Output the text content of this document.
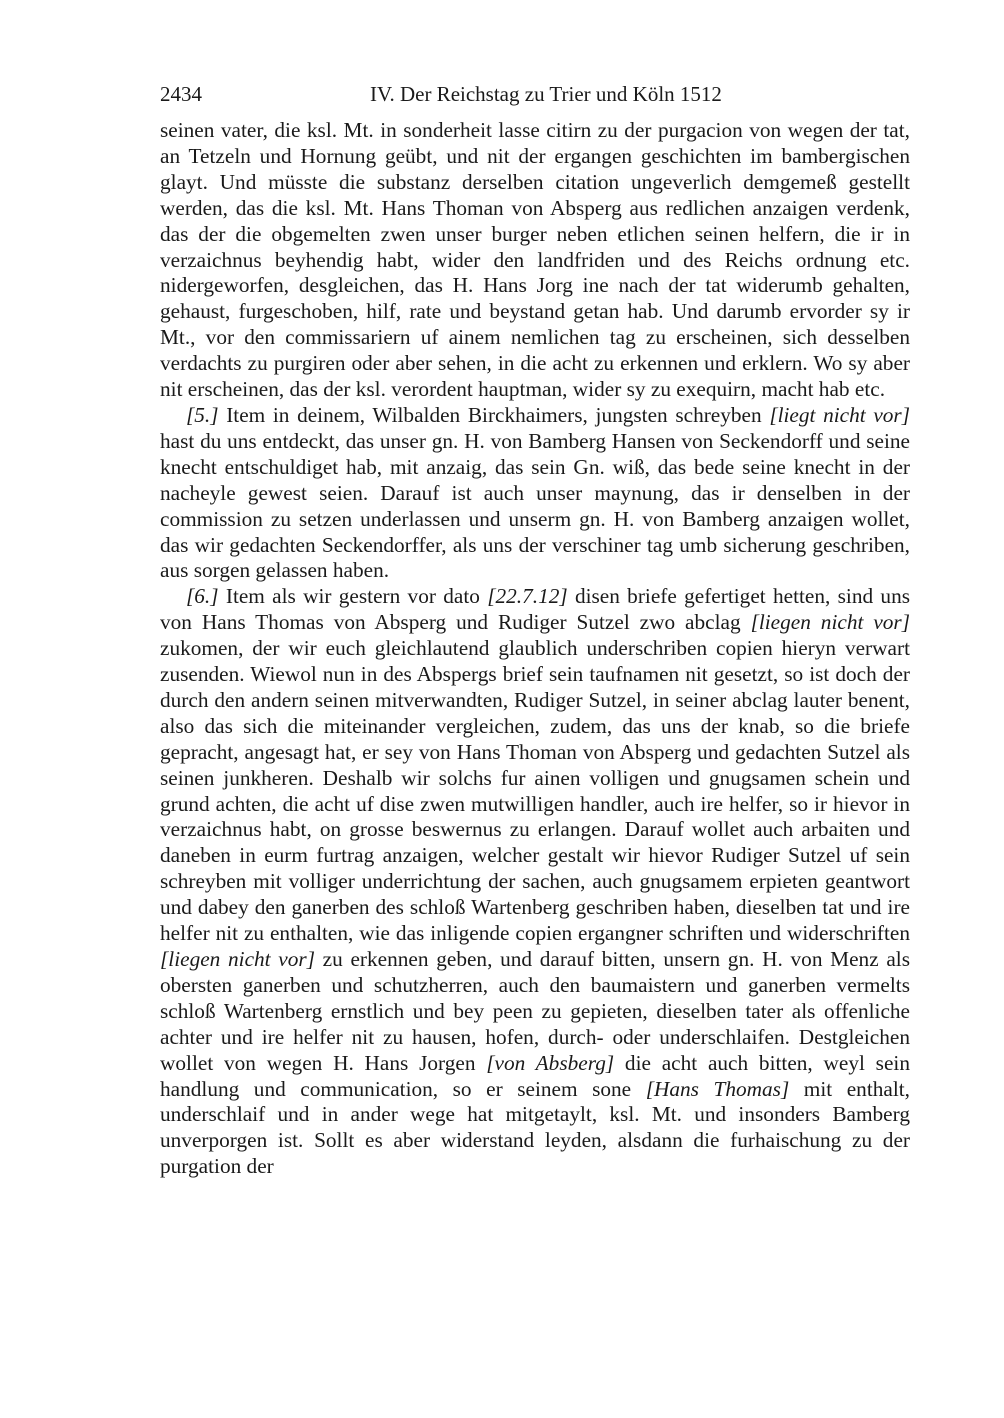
2434	IV. Der Reichstag zu Trier und Köln 1512

seinen vater, die ksl. Mt. in sonderheit lasse citirn zu der purgacion von wegen der tat, an Tetzeln und Hornung geübt, und nit der ergangen geschichten im bambergischen glayt. Und müsste die substanz derselben citation ungeverlich demgemeß gestellt werden, das die ksl. Mt. Hans Thoman von Absperg aus redlichen anzaigen verdenk, das der die obgemelten zwen unser burger neben etlichen seinen helfern, die ir in verzaichnus beyhendig habt, wider den landfriden und des Reichs ordnung etc. nidergeworfen, desgleichen, das H. Hans Jorg ine nach der tat widerumb gehalten, gehaust, furgeschoben, hilf, rate und beystand getan hab. Und darumb ervorder sy ir Mt., vor den commissariern uf ainem nemlichen tag zu erscheinen, sich desselben verdachts zu purgiren oder aber sehen, in die acht zu erkennen und erklern. Wo sy aber nit erscheinen, das der ksl. verordent hauptman, wider sy zu exequirn, macht hab etc.

[5.] Item in deinem, Wilbalden Birckhaimers, jungsten schreyben [liegt nicht vor] hast du uns entdeckt, das unser gn. H. von Bamberg Hansen von Seckendorff und seine knecht entschuldiget hab, mit anzaig, das sein Gn. wiß, das bede seine knecht in der nacheyle gewest seien. Darauf ist auch unser maynung, das ir denselben in der commission zu setzen underlassen und unserm gn. H. von Bamberg anzaigen wollet, das wir gedachten Seckendorffer, als uns der verschiner tag umb sicherung geschriben, aus sorgen gelassen haben.

[6.] Item als wir gestern vor dato [22.7.12] disen briefe gefertiget hetten, sind uns von Hans Thomas von Absperg und Rudiger Sutzel zwo abclag [liegen nicht vor] zukomen, der wir euch gleichlautend glaublich underschriben copien hieryn verwart zusenden. Wiewol nun in des Abspergs brief sein taufnamen nit gesetzt, so ist doch der durch den andern seinen mitverwandten, Rudiger Sutzel, in seiner abclag lauter benent, also das sich die miteinander vergleichen, zudem, das uns der knab, so die briefe gepracht, angesagt hat, er sey von Hans Thoman von Absperg und gedachten Sutzel als seinen junkheren. Deshalb wir solchs fur ainen volligen und gnugsamen schein und grund achten, die acht uf dise zwen mutwilligen handler, auch ire helfer, so ir hievor in verzaichnus habt, on grosse beswernus zu erlangen. Darauf wollet auch arbaiten und daneben in eurm furtrag anzaigen, welcher gestalt wir hievor Rudiger Sutzel uf sein schreyben mit volliger underrichtung der sachen, auch gnugsamem erpieten geantwort und dabey den ganerben des schloß Wartenberg geschriben haben, dieselben tat und ire helfer nit zu enthalten, wie das inligende copien ergangner schriften und widerschriften [liegen nicht vor] zu erkennen geben, und darauf bitten, unsern gn. H. von Menz als obersten ganerben und schutzherren, auch den baumaistern und ganerben vermelts schloß Wartenberg ernstlich und bey peen zu gepieten, dieselben tater als offenliche achter und ire helfer nit zu hausen, hofen, durch- oder underschlaifen. Destgleichen wollet von wegen H. Hans Jorgen [von Absberg] die acht auch bitten, weyl sein handlung und communication, so er seinem sone [Hans Thomas] mit enthalt, underschlaif und in ander wege hat mitgetaylt, ksl. Mt. und insonders Bamberg unverporgen ist. Sollt es aber widerstand leyden, alsdann die furhaischung zu der purgation der
